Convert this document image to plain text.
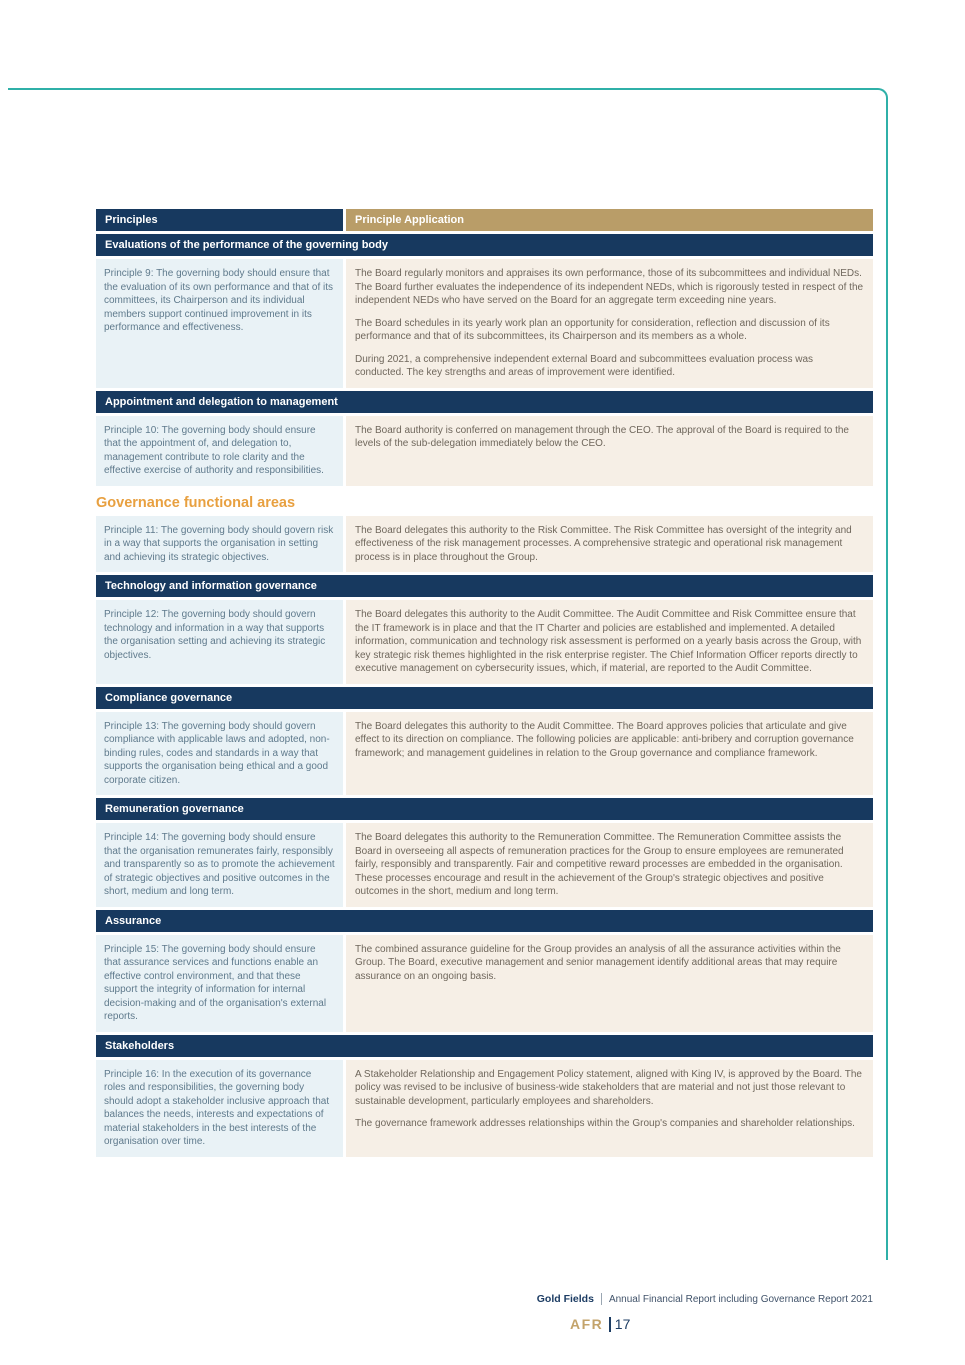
Principles	Principle Application
Evaluations of the performance of the governing body

Principle 9: The governing body should ensure that the evaluation of its own performance and that of its committees, its Chairperson and its individual members support continued improvement in its performance and effectiveness.

The Board regularly monitors and appraises its own performance, those of its subcommittees and individual NEDs. The Board further evaluates the independence of its independent NEDs, which is rigorously tested in respect of the independent NEDs who have served on the Board for an aggregate term exceeding nine years.

The Board schedules in its yearly work plan an opportunity for consideration, reflection and discussion of its performance and that of its subcommittees, its Chairperson and its members as a whole.

During 2021, a comprehensive independent external Board and subcommittees evaluation process was conducted. The key strengths and areas of improvement were identified.

Appointment and delegation to management

Principle 10: The governing body should ensure that the appointment of, and delegation to, management contribute to role clarity and the effective exercise of authority and responsibilities.

The Board authority is conferred on management through the CEO. The approval of the Board is required to the levels of the sub-delegation immediately below the CEO.

Governance functional areas

Principle 11: The governing body should govern risk in a way that supports the organisation in setting and achieving its strategic objectives.

The Board delegates this authority to the Risk Committee. The Risk Committee has oversight of the integrity and effectiveness of the risk management processes. A comprehensive strategic and operational risk management process is in place throughout the Group.

Technology and information governance

Principle 12: The governing body should govern technology and information in a way that supports the organisation setting and achieving its strategic objectives.

The Board delegates this authority to the Audit Committee. The Audit Committee and Risk Committee ensure that the IT framework is in place and that the IT Charter and policies are established and implemented. A detailed information, communication and technology risk assessment is performed on a yearly basis across the Group, with key strategic risk themes highlighted in the risk enterprise register. The Chief Information Officer reports directly to executive management on cybersecurity issues, which, if material, are reported to the Audit Committee.

Compliance governance

Principle 13: The governing body should govern compliance with applicable laws and adopted, non-binding rules, codes and standards in a way that supports the organisation being ethical and a good corporate citizen.

The Board delegates this authority to the Audit Committee. The Board approves policies that articulate and give effect to its direction on compliance. The following policies are applicable: anti-bribery and corruption governance framework; and management guidelines in relation to the Group governance and compliance framework.

Remuneration governance

Principle 14: The governing body should ensure that the organisation remunerates fairly, responsibly and transparently so as to promote the achievement of strategic objectives and positive outcomes in the short, medium and long term.

The Board delegates this authority to the Remuneration Committee. The Remuneration Committee assists the Board in overseeing all aspects of remuneration practices for the Group to ensure employees are remunerated fairly, responsibly and transparently. Fair and competitive reward processes are embedded in the organisation. These processes encourage and result in the achievement of the Group's strategic objectives and positive outcomes in the short, medium and long term.

Assurance

Principle 15: The governing body should ensure that assurance services and functions enable an effective control environment, and that these support the integrity of information for internal decision-making and of the organisation's external reports.

The combined assurance guideline for the Group provides an analysis of all the assurance activities within the Group. The Board, executive management and senior management identify additional areas that may require assurance on an ongoing basis.

Stakeholders

Principle 16: In the execution of its governance roles and responsibilities, the governing body should adopt a stakeholder inclusive approach that balances the needs, interests and expectations of material stakeholders in the best interests of the organisation over time.

A Stakeholder Relationship and Engagement Policy statement, aligned with King IV, is approved by the Board. The policy was revised to be inclusive of business-wide stakeholders that are material and not just those relevant to sustainable development, particularly employees and shareholders.

The governance framework addresses relationships within the Group's companies and shareholder relationships.

Gold Fields Annual Financial Report including Governance Report 2021
AFR 17
